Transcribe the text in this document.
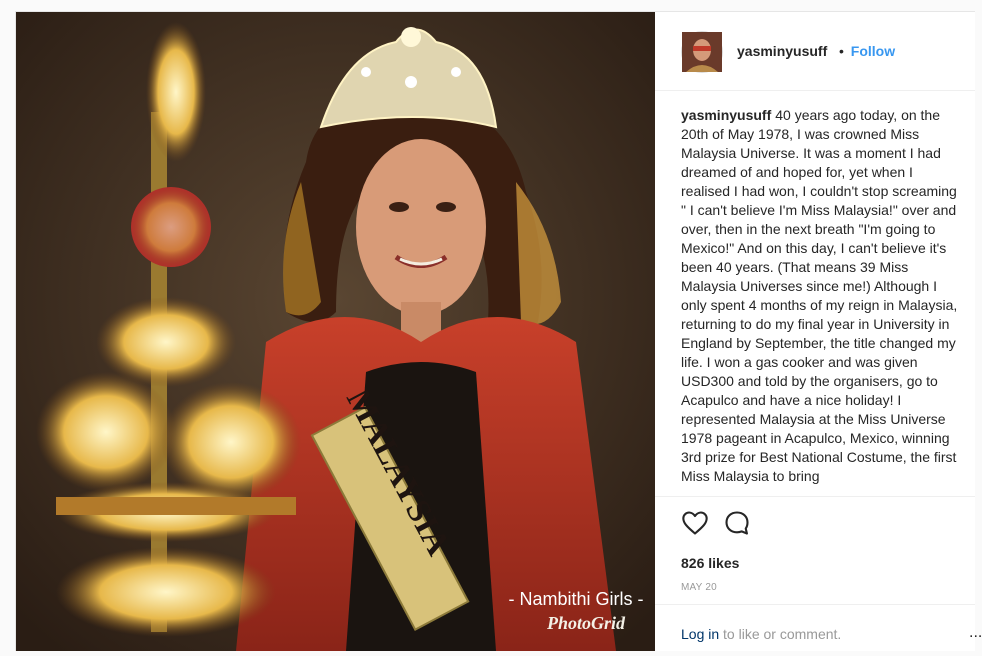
MALAYSIA
- Nambithi Girls -
PhotoGrid
yasminyusuff • Follow
yasminyusuff 40 years ago today, on the 20th of May 1978, I was crowned Miss Malaysia Universe. It was a moment I had dreamed of and hoped for, yet when I realised I had won, I couldn't stop screaming " I can't believe I'm Miss Malaysia!" over and over, then in the next breath "I'm going to Mexico!" And on this day, I can't believe it's been 40 years. (That means 39 Miss Malaysia Universes since me!) Although I only spent 4 months of my reign in Malaysia, returning to do my final year in University in England by September, the title changed my life. I won a gas cooker and was given USD300 and told by the organisers, go to Acapulco and have a nice holiday! I represented Malaysia at the Miss Universe 1978 pageant in Acapulco, Mexico, winning 3rd prize for Best National Costume, the first Miss Malaysia to bring
826 likes
MAY 20
Log in to like or comment.	...
